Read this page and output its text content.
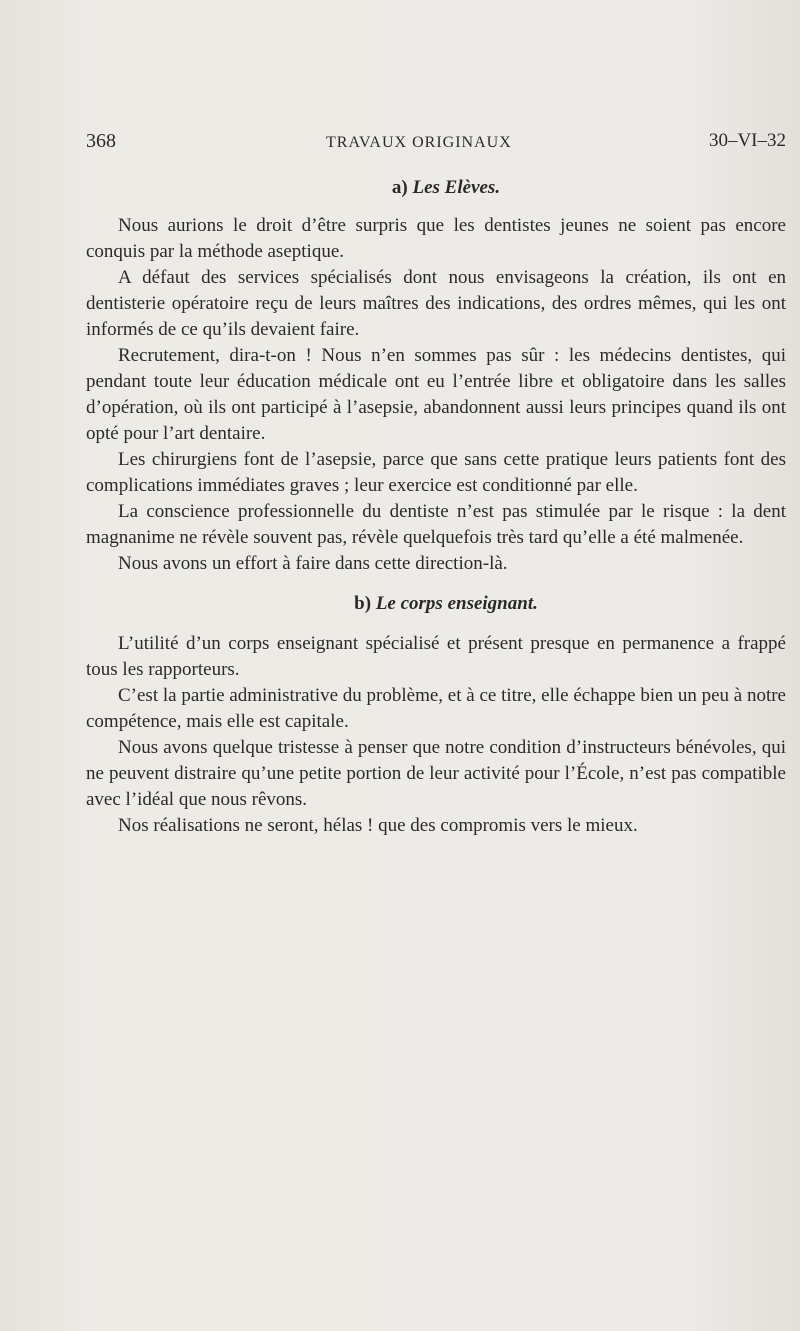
368	TRAVAUX ORIGINAUX	30–VI–32
a) Les Elèves.

Nous aurions le droit d’être surpris que les dentistes jeunes ne soient pas encore conquis par la méthode aseptique.

A défaut des services spécialisés dont nous envisageons la création, ils ont en dentisterie opératoire reçu de leurs maîtres des indications, des ordres mêmes, qui les ont informés de ce qu’ils devaient faire.

Recrutement, dira-t-on ! Nous n’en sommes pas sûr : les médecins dentistes, qui pendant toute leur éducation médicale ont eu l’entrée libre et obligatoire dans les salles d’opération, où ils ont participé à l’asepsie, abandonnent aussi leurs principes quand ils ont opté pour l’art dentaire.

Les chirurgiens font de l’asepsie, parce que sans cette pratique leurs patients font des complications immédiates graves ; leur exercice est conditionné par elle.

La conscience professionnelle du dentiste n’est pas stimulée par le risque : la dent magnanime ne révèle souvent pas, révèle quelquefois très tard qu’elle a été malmenée.

Nous avons un effort à faire dans cette direction-là.

b) Le corps enseignant.

L’utilité d’un corps enseignant spécialisé et présent presque en permanence a frappé tous les rapporteurs.

C’est la partie administrative du problème, et à ce titre, elle échappe bien un peu à notre compétence, mais elle est capitale.

Nous avons quelque tristesse à penser que notre condition d’instructeurs bénévoles, qui ne peuvent distraire qu’une petite portion de leur activité pour l’École, n’est pas compatible avec l’idéal que nous rêvons.

Nos réalisations ne seront, hélas ! que des compromis vers le mieux.
